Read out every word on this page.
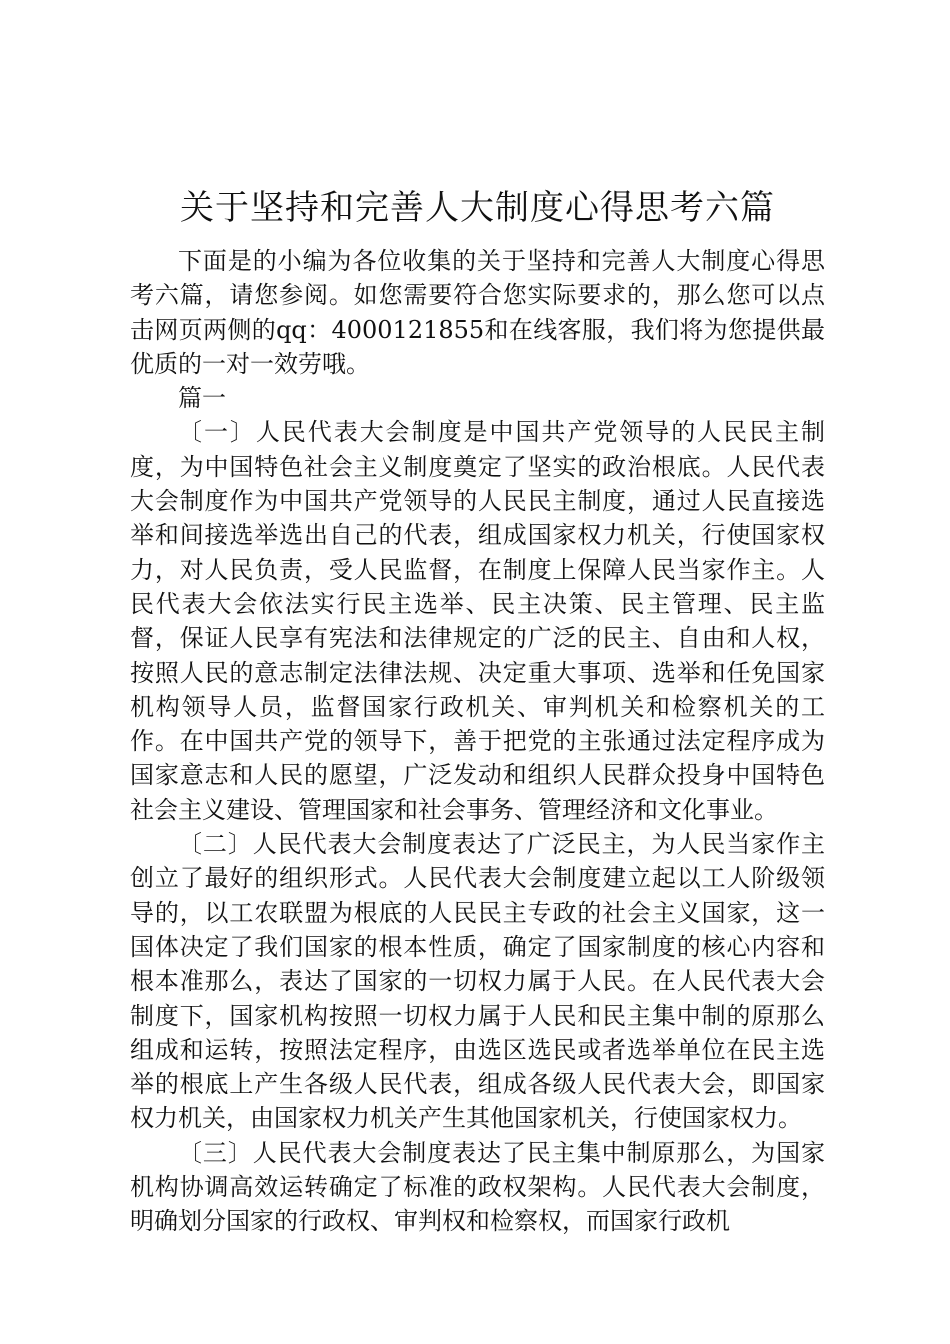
关于坚持和完善人大制度心得思考六篇

下面是的小编为各位收集的关于坚持和完善人大制度心得思考六篇，请您参阅。如您需要符合您实际要求的，那么您可以点击网页两侧的qq：4000121855和在线客服，我们将为您提供最优质的一对一效劳哦。

篇一

〔一〕人民代表大会制度是中国共产党领导的人民民主制度，为中国特色社会主义制度奠定了坚实的政治根底。人民代表大会制度作为中国共产党领导的人民民主制度，通过人民直接选举和间接选举选出自己的代表，组成国家权力机关，行使国家权力，对人民负责，受人民监督，在制度上保障人民当家作主。人民代表大会依法实行民主选举、民主决策、民主管理、民主监督，保证人民享有宪法和法律规定的广泛的民主、自由和人权，按照人民的意志制定法律法规、决定重大事项、选举和任免国家机构领导人员，监督国家行政机关、审判机关和检察机关的工作。在中国共产党的领导下，善于把党的主张通过法定程序成为国家意志和人民的愿望，广泛发动和组织人民群众投身中国特色社会主义建设、管理国家和社会事务、管理经济和文化事业。

〔二〕人民代表大会制度表达了广泛民主，为人民当家作主创立了最好的组织形式。人民代表大会制度建立起以工人阶级领导的，以工农联盟为根底的人民民主专政的社会主义国家，这一国体决定了我们国家的根本性质，确定了国家制度的核心内容和根本准那么，表达了国家的一切权力属于人民。在人民代表大会制度下，国家机构按照一切权力属于人民和民主集中制的原那么组成和运转，按照法定程序，由选区选民或者选举单位在民主选举的根底上产生各级人民代表，组成各级人民代表大会，即国家权力机关，由国家权力机关产生其他国家机关，行使国家权力。

〔三〕人民代表大会制度表达了民主集中制原那么，为国家机构协调高效运转确定了标准的政权架构。人民代表大会制度，明确划分国家的行政权、审判权和检察权，而国家行政机
